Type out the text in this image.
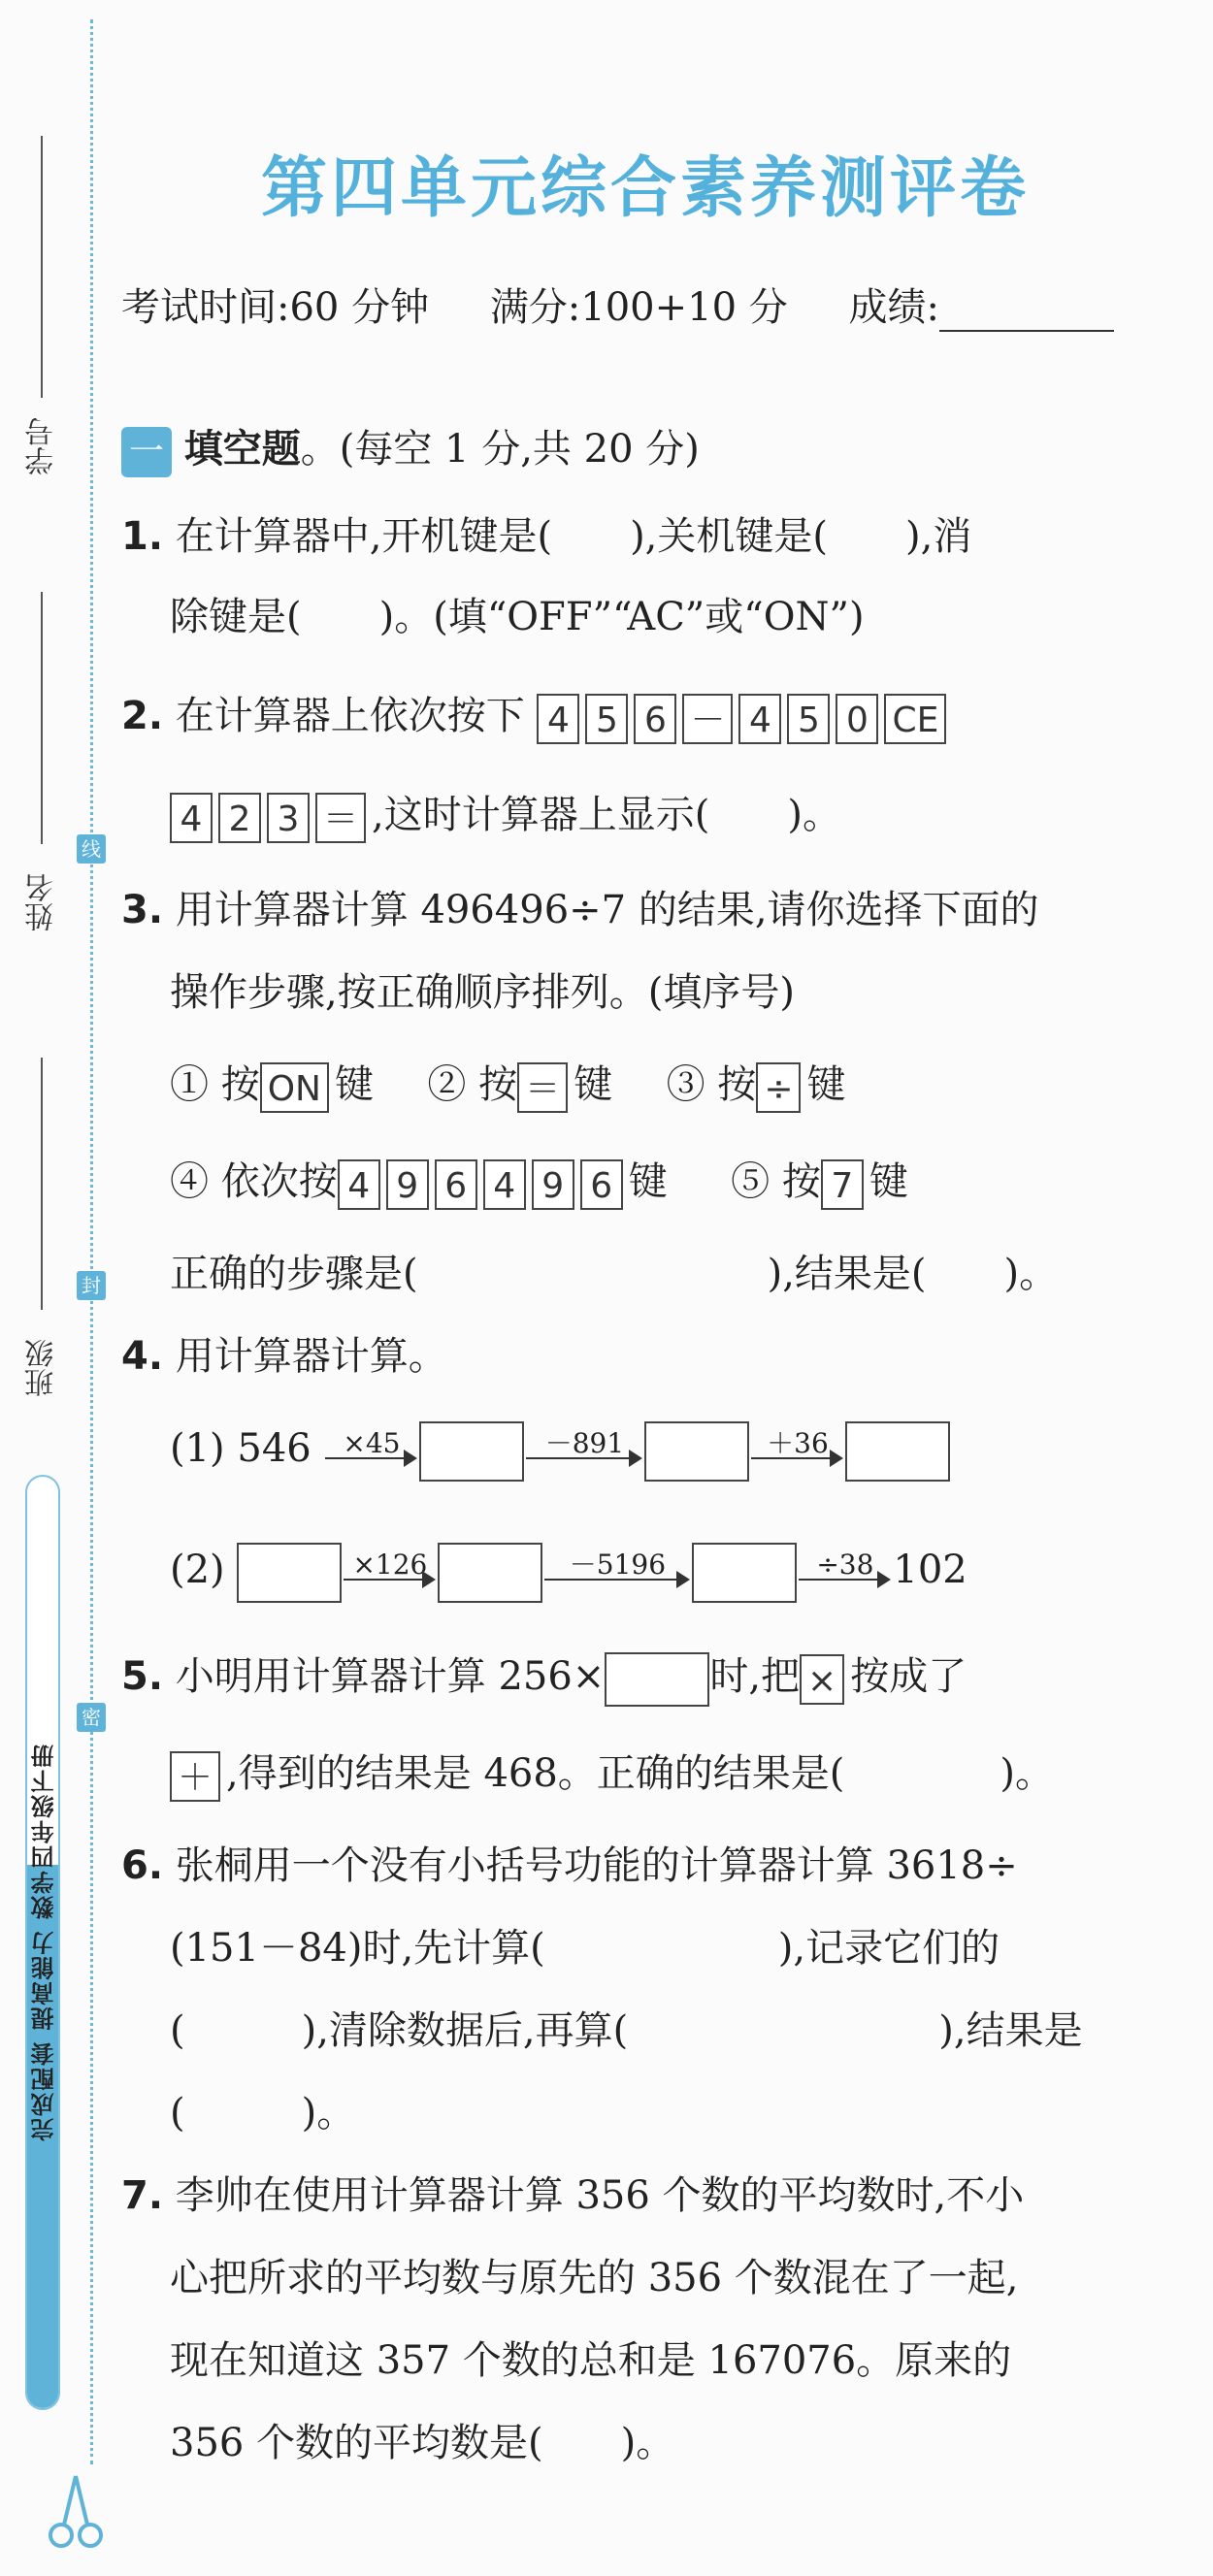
学号
姓名
线
班级
封
密
完成配套 提高能力 数学四年级下册
第四单元综合素养测评卷
考试时间:60 分钟 满分:100+10 分 成绩:
一 填空题。(每空 1 分,共 20 分)
1. 在计算器中,开机键是(　　),关机键是(　　),消
除键是(　　)。(填“OFF”“AC”或“ON”)
2. 在计算器上依次按下 4 5 6 － 4 5 0 CE
4 2 3 ＝ ,这时计算器上显示(　　)。
3. 用计算器计算 496496÷7 的结果,请你选择下面的
操作步骤,按正确顺序排列。(填序号)
① 按 ON 键 ② 按 ＝ 键 ③ 按 ÷ 键
④ 依次按 4 9 6 4 9 6 键 ⑤ 按 7 键
正确的步骤是(　　　　　　　　　),结果是(　　)。
4. 用计算器计算。
(1) 546	×45	－891	＋36
(2)	×126	－5196	÷38 102
5. 小明用计算器计算 256×	时,把 × 按成了
＋ ,得到的结果是 468。正确的结果是(　　　　)。
6. 张桐用一个没有小括号功能的计算器计算 3618÷
(151－84)时,先计算(　　　　　　),记录它们的
(　　　),清除数据后,再算(　　　　　　　　),结果是
(　　　)。
7. 李帅在使用计算器计算 356 个数的平均数时,不小
心把所求的平均数与原先的 356 个数混在了一起,
现在知道这 357 个数的总和是 167076。原来的
356 个数的平均数是(　　)。
